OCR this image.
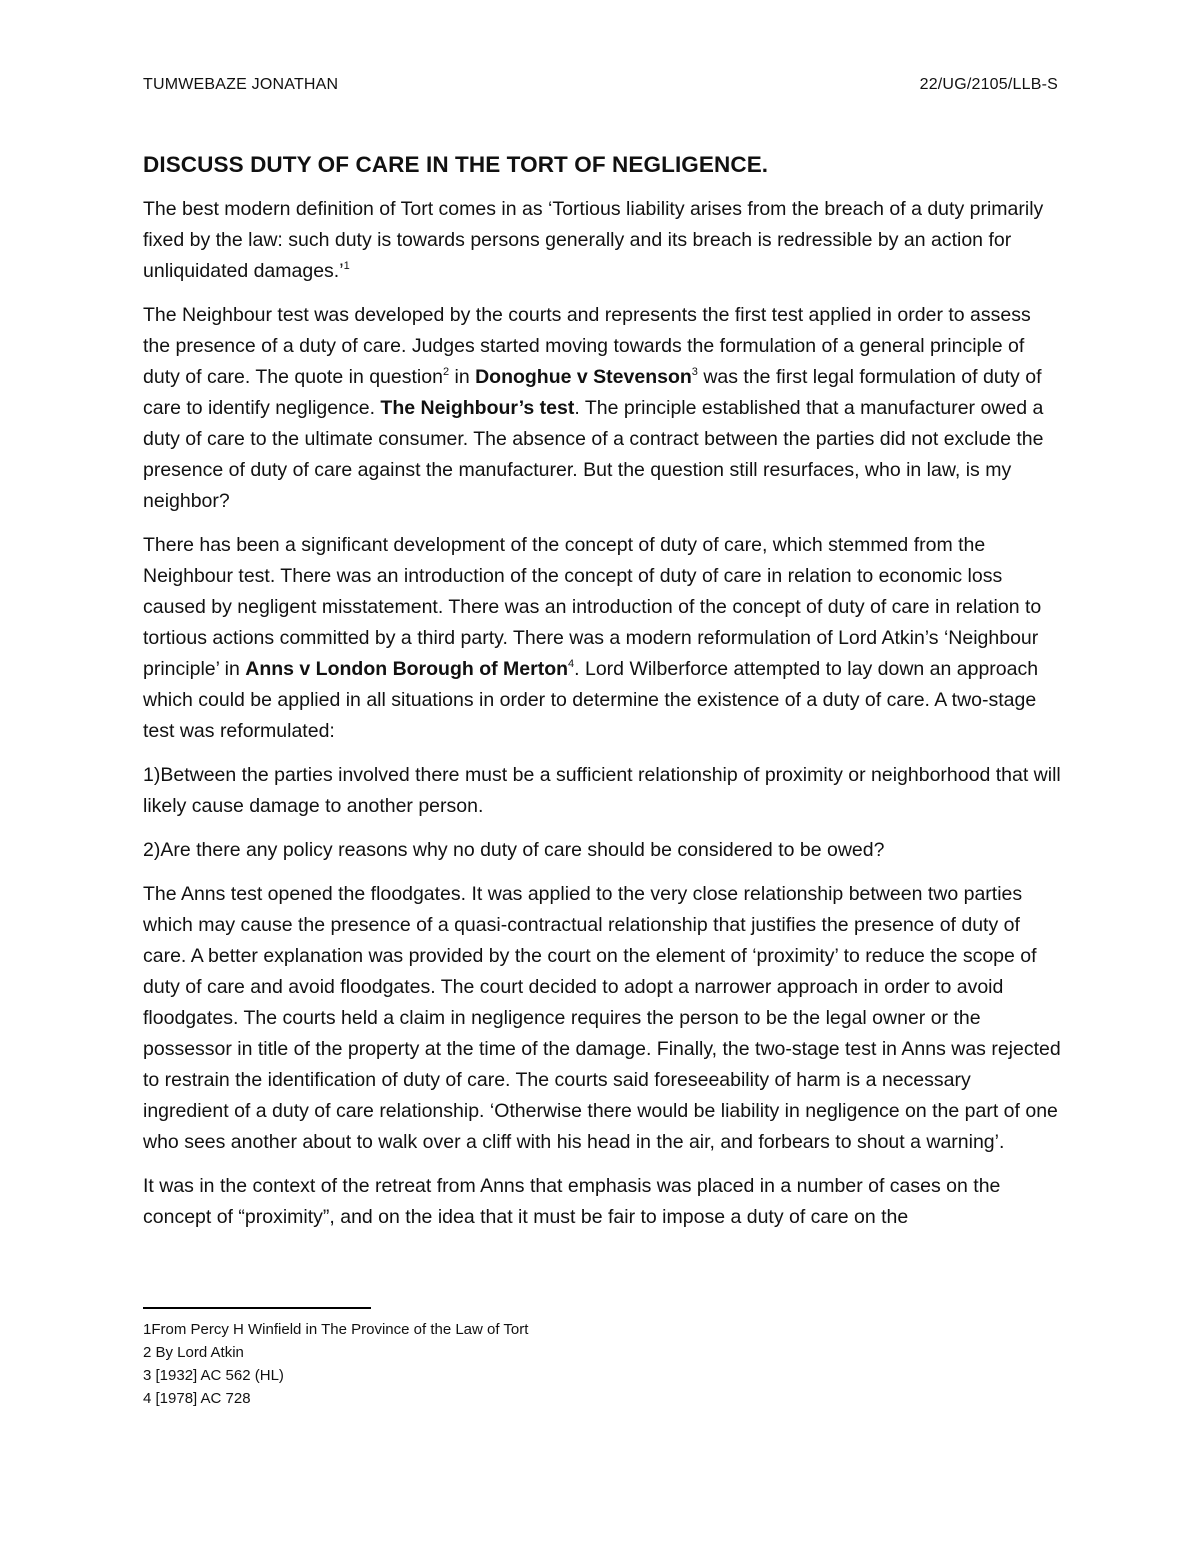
TUMWEBAZE JONATHAN	22/UG/2105/LLB-S
DISCUSS DUTY OF CARE IN THE TORT OF NEGLIGENCE.

The best modern definition of Tort comes in as ‘Tortious liability arises from the breach of a duty primarily fixed by the law: such duty is towards persons generally and its breach is redressible by an action for unliquidated damages.’$^1$

The Neighbour test was developed by the courts and represents the first test applied in order to assess the presence of a duty of care. Judges started moving towards the formulation of a general principle of duty of care. The quote in question$^2$ in Donoghue v Stevenson$^3$ was the first legal formulation of duty of care to identify negligence. The Neighbour’s test. The principle established that a manufacturer owed a duty of care to the ultimate consumer. The absence of a contract between the parties did not exclude the presence of duty of care against the manufacturer. But the question still resurfaces, who in law, is my neighbor?

There has been a significant development of the concept of duty of care, which stemmed from the Neighbour test. There was an introduction of the concept of duty of care in relation to economic loss caused by negligent misstatement. There was an introduction of the concept of duty of care in relation to tortious actions committed by a third party. There was a modern reformulation of Lord Atkin’s ‘Neighbour principle’ in Anns v London Borough of Merton$^4$. Lord Wilberforce attempted to lay down an approach which could be applied in all situations in order to determine the existence of a duty of care. A two-stage test was reformulated:

1)Between the parties involved there must be a sufficient relationship of proximity or neighborhood that will likely cause damage to another person.

2)Are there any policy reasons why no duty of care should be considered to be owed?

The Anns test opened the floodgates. It was applied to the very close relationship between two parties which may cause the presence of a quasi-contractual relationship that justifies the presence of duty of care. A better explanation was provided by the court on the element of ‘proximity’ to reduce the scope of duty of care and avoid floodgates. The court decided to adopt a narrower approach in order to avoid floodgates. The courts held a claim in negligence requires the person to be the legal owner or the possessor in title of the property at the time of the damage. Finally, the two-stage test in Anns was rejected to restrain the identification of duty of care. The courts said foreseeability of harm is a necessary ingredient of a duty of care relationship. ‘Otherwise there would be liability in negligence on the part of one who sees another about to walk over a cliff with his head in the air, and forbears to shout a warning’.

It was in the context of the retreat from Anns that emphasis was placed in a number of cases on the concept of “proximity”, and on the idea that it must be fair to impose a duty of care on the

1From Percy H Winfield in The Province of the Law of Tort
2 By Lord Atkin
3 [1932] AC 562 (HL)
4 [1978] AC 728
